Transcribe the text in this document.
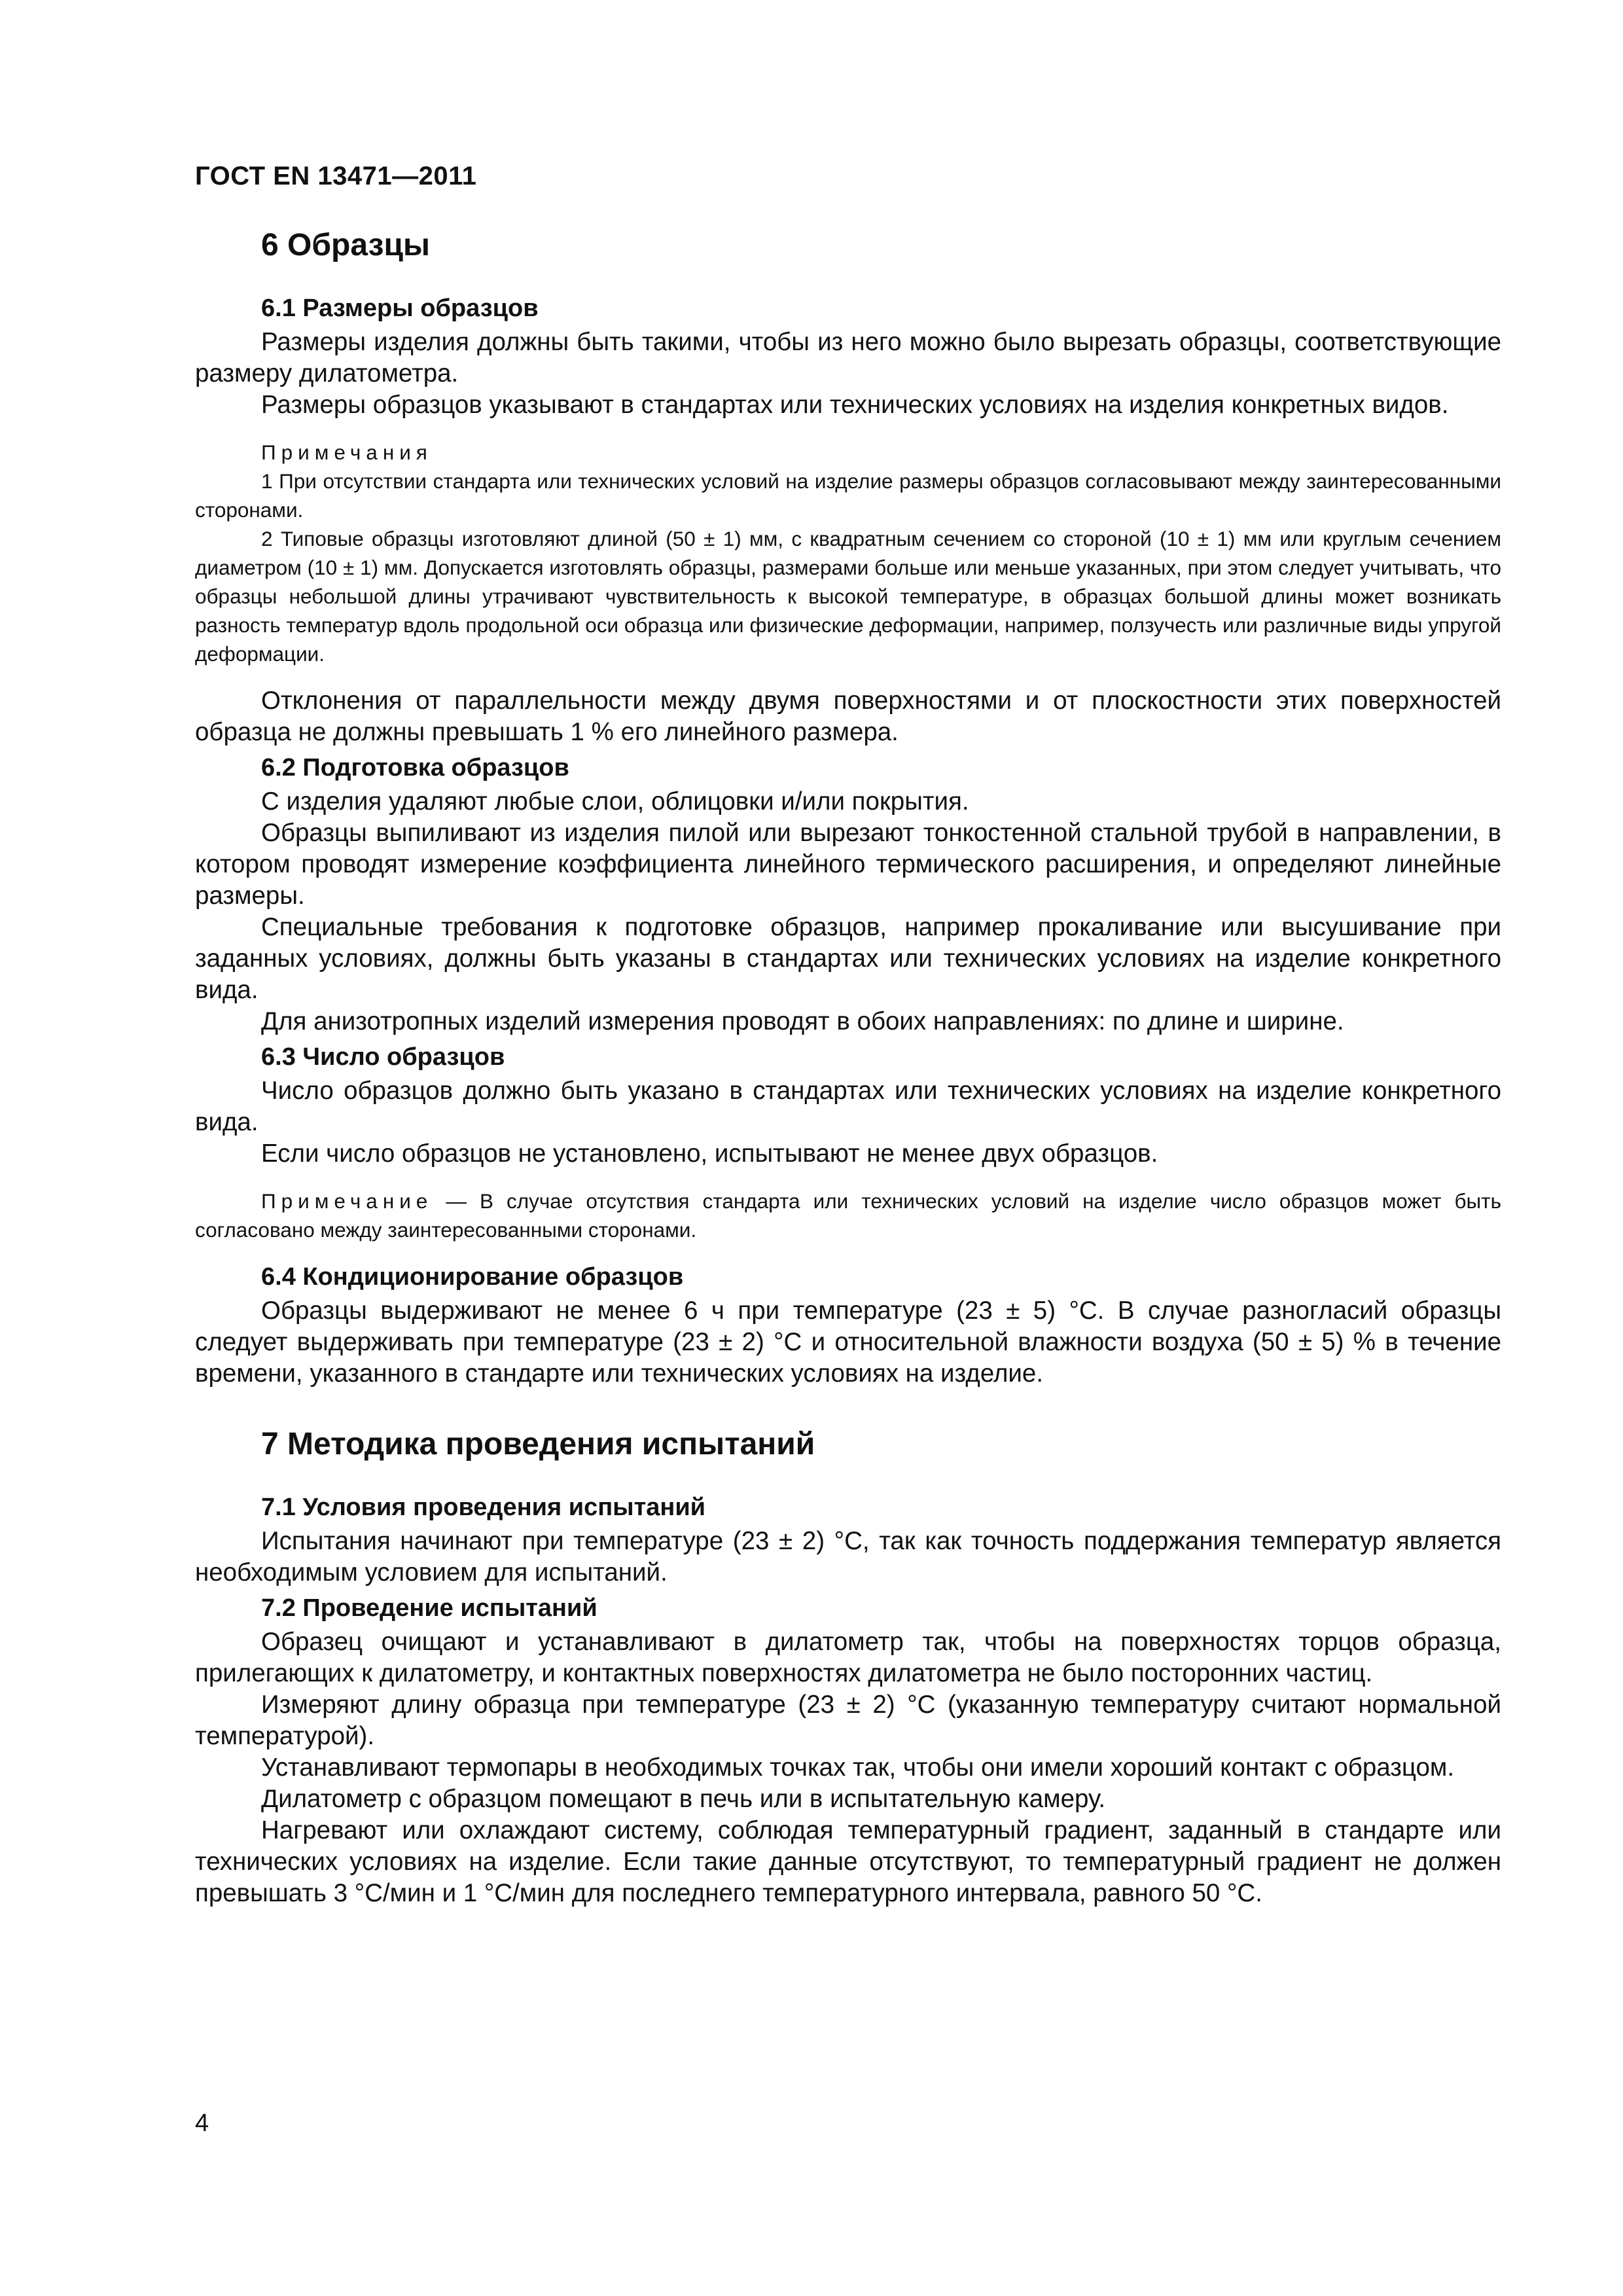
ГОСТ EN 13471—2011
6 Образцы
6.1 Размеры образцов

Размеры изделия должны быть такими, чтобы из него можно было вырезать образцы, соответствующие размеру дилатометра.

Размеры образцов указывают в стандартах или технических условиях на изделия конкретных видов.

Примечания

1 При отсутствии стандарта или технических условий на изделие размеры образцов согласовывают между заинтересованными сторонами.

2 Типовые образцы изготовляют длиной (50 ± 1) мм, с квадратным сечением со стороной (10 ± 1) мм или круглым сечением диаметром (10 ± 1) мм. Допускается изготовлять образцы, размерами больше или меньше указанных, при этом следует учитывать, что образцы небольшой длины утрачивают чувствительность к высокой температуре, в образцах большой длины может возникать разность температур вдоль продольной оси образца или физические деформации, например, ползучесть или различные виды упругой деформации.

Отклонения от параллельности между двумя поверхностями и от плоскостности этих поверхностей образца не должны превышать 1 % его линейного размера.

6.2 Подготовка образцов

С изделия удаляют любые слои, облицовки и/или покрытия.

Образцы выпиливают из изделия пилой или вырезают тонкостенной стальной трубой в направлении, в котором проводят измерение коэффициента линейного термического расширения, и определяют линейные размеры.

Специальные требования к подготовке образцов, например прокаливание или высушивание при заданных условиях, должны быть указаны в стандартах или технических условиях на изделие конкретного вида.

Для анизотропных изделий измерения проводят в обоих направлениях: по длине и ширине.

6.3 Число образцов

Число образцов должно быть указано в стандартах или технических условиях на изделие конкретного вида.

Если число образцов не установлено, испытывают не менее двух образцов.

Примечание — В случае отсутствия стандарта или технических условий на изделие число образцов может быть согласовано между заинтересованными сторонами.

6.4 Кондиционирование образцов

Образцы выдерживают не менее 6 ч при температуре (23 ± 5) °С. В случае разногласий образцы следует выдерживать при температуре (23 ± 2) °С и относительной влажности воздуха (50 ± 5) % в течение времени, указанного в стандарте или технических условиях на изделие.

7 Методика проведения испытаний
7.1 Условия проведения испытаний

Испытания начинают при температуре (23 ± 2) °С, так как точность поддержания температур является необходимым условием для испытаний.

7.2 Проведение испытаний

Образец очищают и устанавливают в дилатометр так, чтобы на поверхностях торцов образца, прилегающих к дилатометру, и контактных поверхностях дилатометра не было посторонних частиц.

Измеряют длину образца при температуре (23 ± 2) °С (указанную температуру считают нормальной температурой).

Устанавливают термопары в необходимых точках так, чтобы они имели хороший контакт с образцом.

Дилатометр с образцом помещают в печь или в испытательную камеру.

Нагревают или охлаждают систему, соблюдая температурный градиент, заданный в стандарте или технических условиях на изделие. Если такие данные отсутствуют, то температурный градиент не должен превышать 3 °С/мин и 1 °С/мин для последнего температурного интервала, равного 50 °С.

4
